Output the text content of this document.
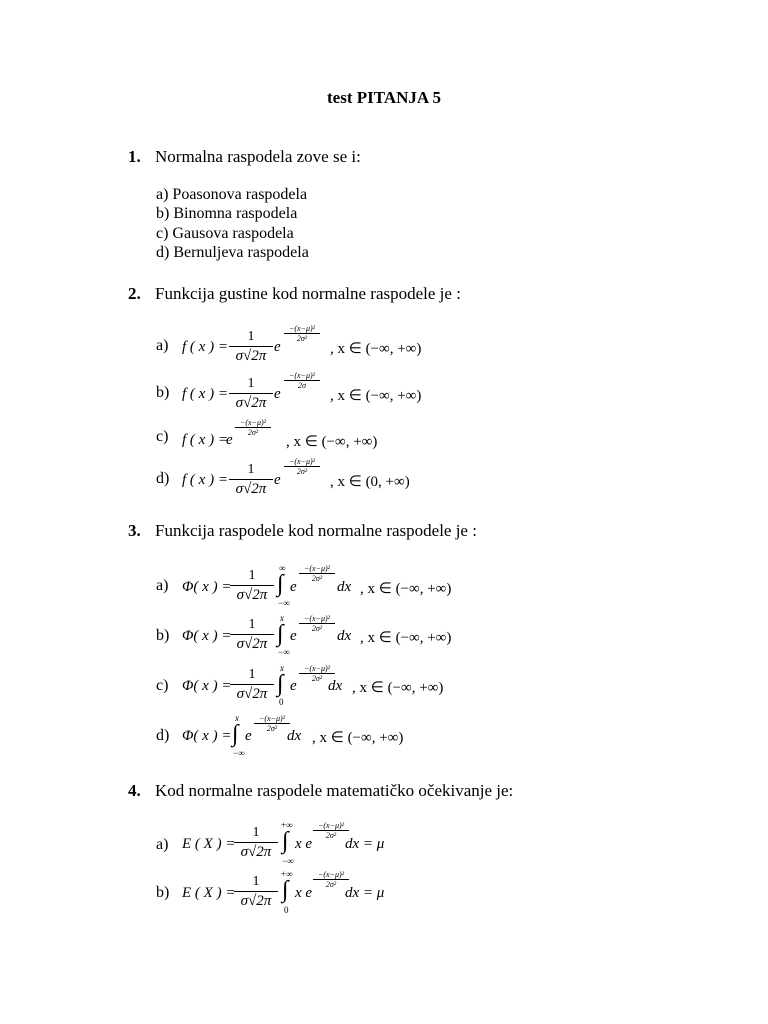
test PITANJA 5
1. Normalna raspodela zove se i:
a) Poasonova raspodela
b) Binomna raspodela
c) Gausova raspodela
d) Bernuljeva raspodela
2. Funkcija gustine kod normalne raspodele je :
a) f ( x ) =
1
σ√2π
e
−(x−μ)²
2σ²
, x ∈ (−∞, +∞)
b) f ( x ) =
1
σ√2π
e
−(x−μ)²
2σ
, x ∈ (−∞, +∞)
c) f ( x ) =
e
−(x−μ)²
2σ²
, x ∈ (−∞, +∞)
d) f ( x ) =
1
σ√2π
e
−(x−μ)²
2σ²
, x ∈ (0, +∞)
3. Funkcija raspodele kod normalne raspodele je :
a) Φ( x ) =
1
σ√2π
∞
∫
−∞
e
−(x−μ)²
2σ²
dx , x ∈ (−∞, +∞)
b) Φ( x ) =
1
σ√2π
x
∫
−∞
e
−(x−μ)²
2σ² dx , x ∈ (−∞, +∞)
c) Φ( x ) =
1
σ√2π
x
∫
0
e
−(x−μ)²
2σ² dx , x ∈ (−∞, +∞)
d) Φ( x ) =
x
∫
−∞
e
−(x−μ)²
2σ² dx , x ∈ (−∞, +∞)
4. Kod normalne raspodele matematičko očekivanje je:
a) E ( X ) =
1
σ√2π
+∞
∫
−∞
x e
−(x−μ)²
2σ²
dx = μ
b) E ( X ) =
1
σ√2π
+∞
∫
0
x e
−(x−μ)²
2σ²
dx = μ
